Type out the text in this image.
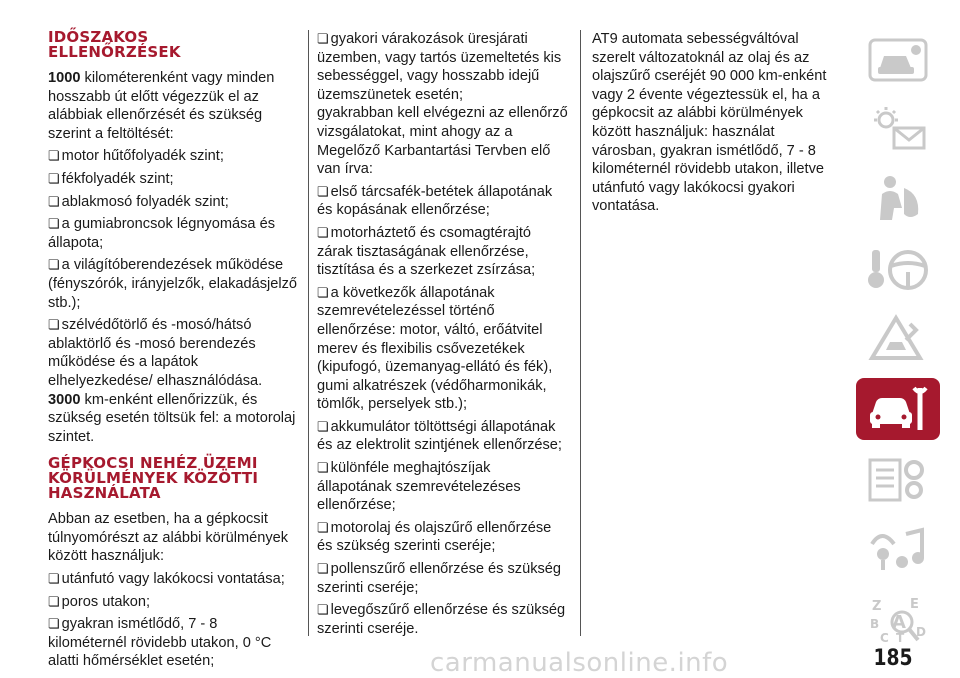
IDŐSZAKOS
ELLENŐRZÉSEK

1000 kilométerenként vagy minden hosszabb út előtt végezzük el az alábbiak ellenőrzését és szükség szerint a feltöltését:

❏ motor hűtőfolyadék szint;

❏ fékfolyadék szint;

❏ ablakmosó folyadék szint;

❏ a gumiabroncsok légnyomása és állapota;

❏ a világítóberendezések működése (fényszórók, irányjelzők, elakadásjelző stb.);

❏ szélvédőtörlő és -mosó/hátsó ablaktörlő és -mosó berendezés működése és a lapátok elhelyezkedése/ elhasználódása.

3000 km-enként ellenőrizzük, és szükség esetén töltsük fel: a motorolaj szintet.

GÉPKOCSI NEHÉZ ÜZEMI
KÖRÜLMÉNYEK KÖZÖTTI
HASZNÁLATA

Abban az esetben, ha a gépkocsit túlnyomórészt az alábbi körülmények között használjuk:

❏ utánfutó vagy lakókocsi vontatása;

❏ poros utakon;

❏ gyakran ismétlődő, 7 - 8 kilométernél rövidebb utakon, 0 °C alatti hőmérséklet esetén;

❏ gyakori várakozások üresjárati üzemben, vagy tartós üzemeltetés kis sebességgel, vagy hosszabb idejű üzemszünetek esetén;

gyakrabban kell elvégezni az ellenőrző vizsgálatokat, mint ahogy az a Megelőző Karbantartási Tervben elő van írva:

❏ első tárcsafék-betétek állapotának és kopásának ellenőrzése;

❏ motorháztető és csomagtérajtó zárak tisztaságának ellenőrzése, tisztítása és a szerkezet zsírzása;

❏ a következők állapotának szemrevételezéssel történő ellenőrzése: motor, váltó, erőátvitel merev és flexibilis csővezetékek (kipufogó, üzemanyag-ellátó és fék), gumi alkatrészek (védőharmonikák, tömlők, perselyek stb.);

❏ akkumulátor töltöttségi állapotának és az elektrolit szintjének ellenőrzése;

❏ különféle meghajtószíjak állapotának szemrevételezéses ellenőrzése;

❏ motorolaj és olajszűrő ellenőrzése és szükség szerinti cseréje;

❏ pollenszűrő ellenőrzése és szükség szerinti cseréje;

❏ levegőszűrő ellenőrzése és szükség szerinti cseréje.

AT9 automata sebességváltóval szerelt változatoknál az olaj és az olajszűrő cseréjét 90 000 km-enként vagy 2 évente végeztessük el, ha a gépkocsit az alábbi körülmények között használjuk: használat városban, gyakran ismétlődő, 7 - 8 kilométernél rövidebb utakon, illetve utánfutó vagy lakókocsi gyakori vontatása.

Z E
B A
C T D
185
carmanualsonline.info
